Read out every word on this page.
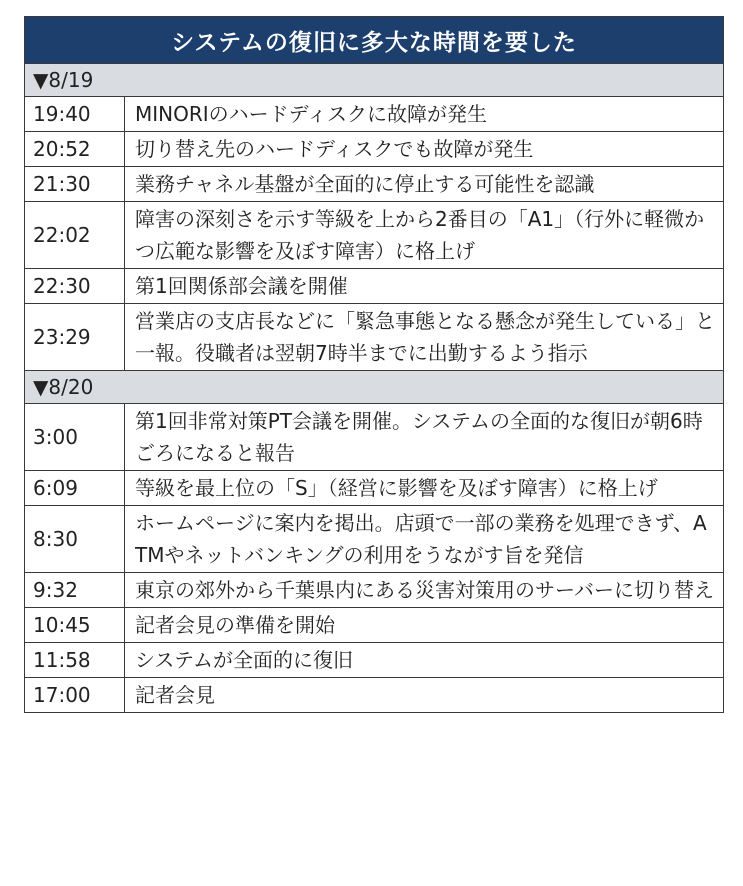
システムの復旧に多大な時間を要した	
▼8/19	
19:40	MINORIのハードディスクに故障が発生
20:52	切り替え先のハードディスクでも故障が発生
21:30	業務チャネル基盤が全面的に停止する可能性を認識
22:02	障害の深刻さを示す等級を上から2番目の「A1」（行外に軽微かつ広範な影響を及ぼす障害）に格上げ
22:30	第1回関係部会議を開催
23:29	営業店の支店長などに「緊急事態となる懸念が発生している」と一報。役職者は翌朝7時半までに出勤するよう指示
▼8/20	
3:00	第1回非常対策PT会議を開催。システムの全面的な復旧が朝6時ごろになると報告
6:09	等級を最上位の「S」（経営に影響を及ぼす障害）に格上げ
8:30	ホームページに案内を掲出。店頭で一部の業務を処理できず、ATMやネットバンキングの利用をうながす旨を発信
9:32	東京の郊外から千葉県内にある災害対策用のサーバーに切り替え
10:45	記者会見の準備を開始
11:58	システムが全面的に復旧
17:00	記者会見
